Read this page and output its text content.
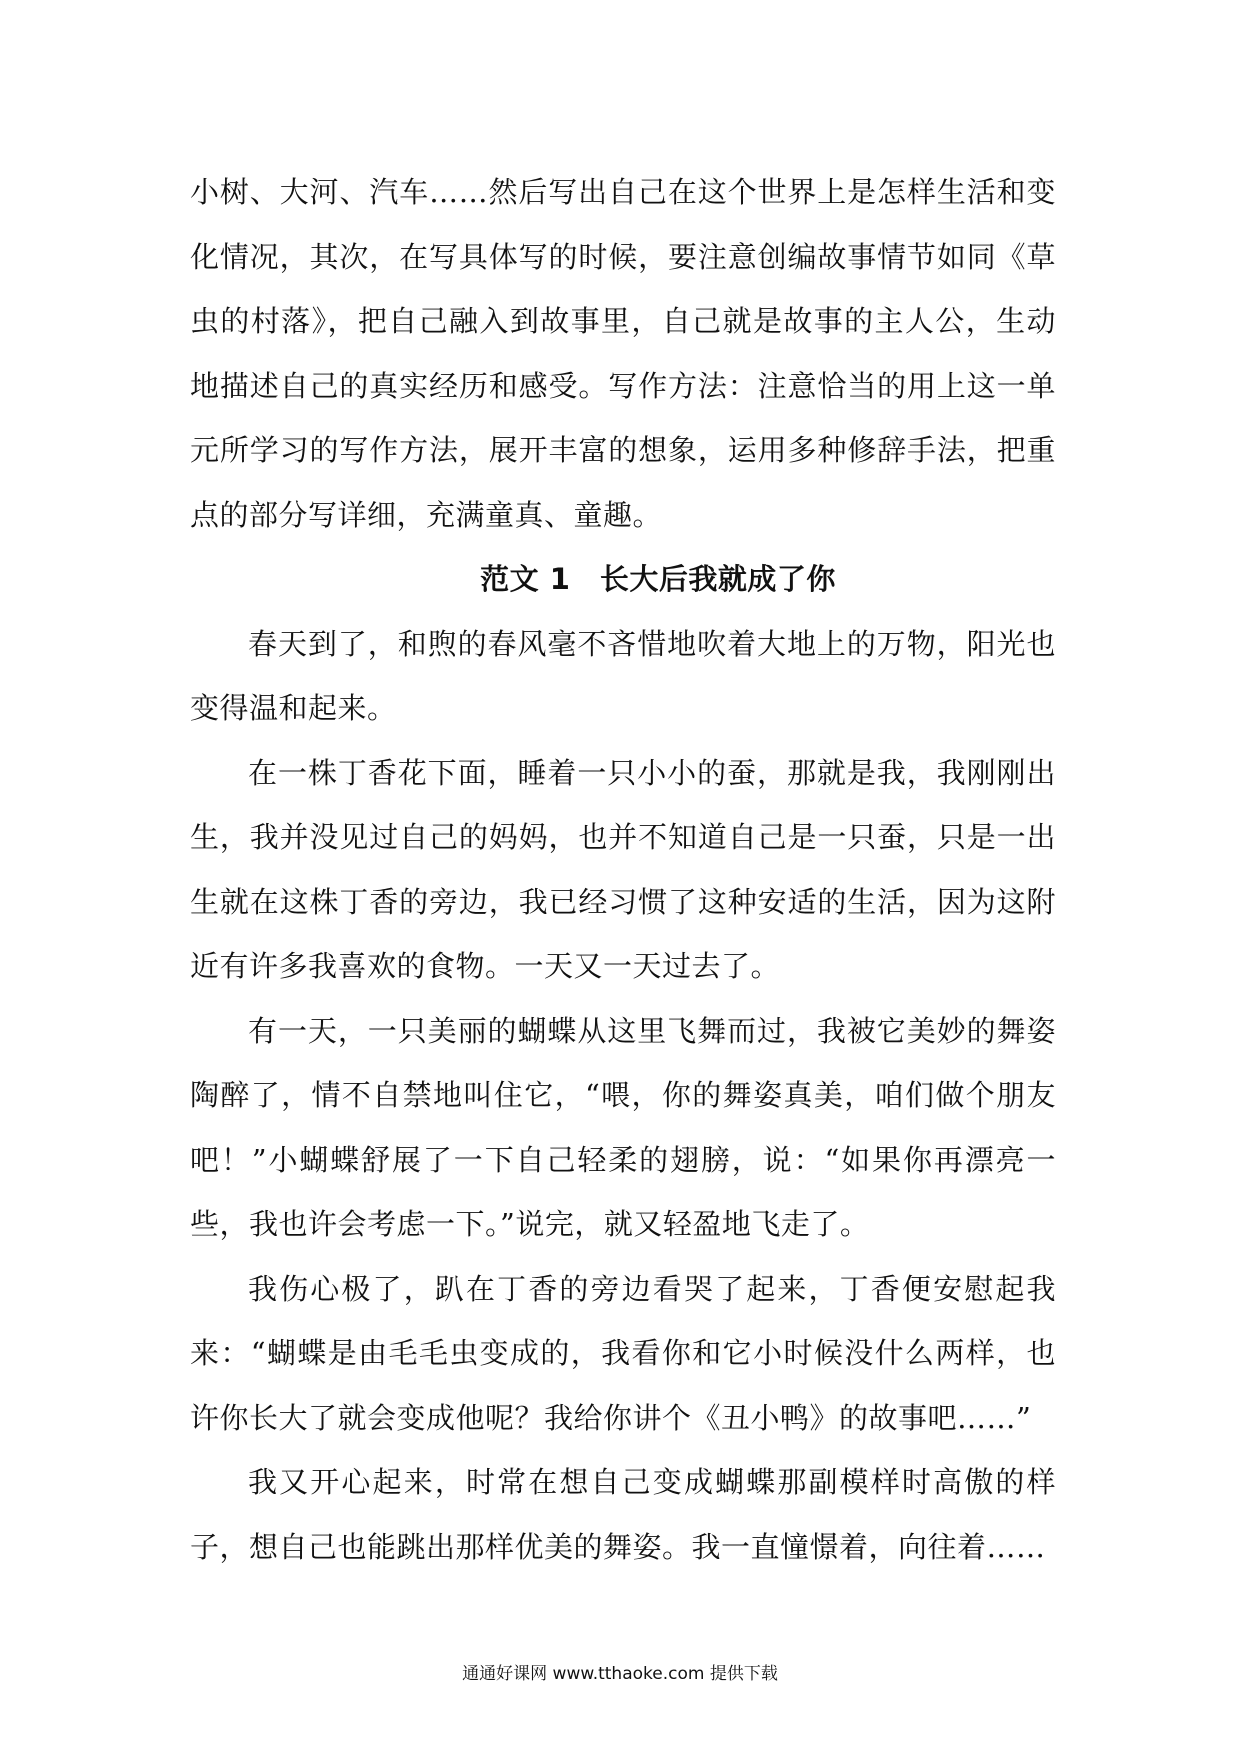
小树、大河、汽车……然后写出自己在这个世界上是怎样生活和变化情况，其次，在写具体写的时候，要注意创编故事情节如同《草虫的村落》，把自己融入到故事里，自己就是故事的主人公，生动地描述自己的真实经历和感受。写作方法：注意恰当的用上这一单元所学习的写作方法，展开丰富的想象，运用多种修辞手法，把重点的部分写详细，充满童真、童趣。

范文 1　长大后我就成了你

春天到了，和煦的春风毫不吝惜地吹着大地上的万物，阳光也变得温和起来。

在一株丁香花下面，睡着一只小小的蚕，那就是我，我刚刚出生，我并没见过自己的妈妈，也并不知道自己是一只蚕，只是一出生就在这株丁香的旁边，我已经习惯了这种安适的生活，因为这附近有许多我喜欢的食物。一天又一天过去了。

有一天，一只美丽的蝴蝶从这里飞舞而过，我被它美妙的舞姿陶醉了，情不自禁地叫住它，“喂，你的舞姿真美，咱们做个朋友吧！”小蝴蝶舒展了一下自己轻柔的翅膀，说：“如果你再漂亮一些，我也许会考虑一下。”说完，就又轻盈地飞走了。

我伤心极了，趴在丁香的旁边看哭了起来，丁香便安慰起我来：“蝴蝶是由毛毛虫变成的，我看你和它小时候没什么两样，也许你长大了就会变成他呢？我给你讲个《丑小鸭》的故事吧……”

我又开心起来，时常在想自己变成蝴蝶那副模样时高傲的样子，想自己也能跳出那样优美的舞姿。我一直憧憬着，向往着……

通通好课网 www.tthaoke.com 提供下载
